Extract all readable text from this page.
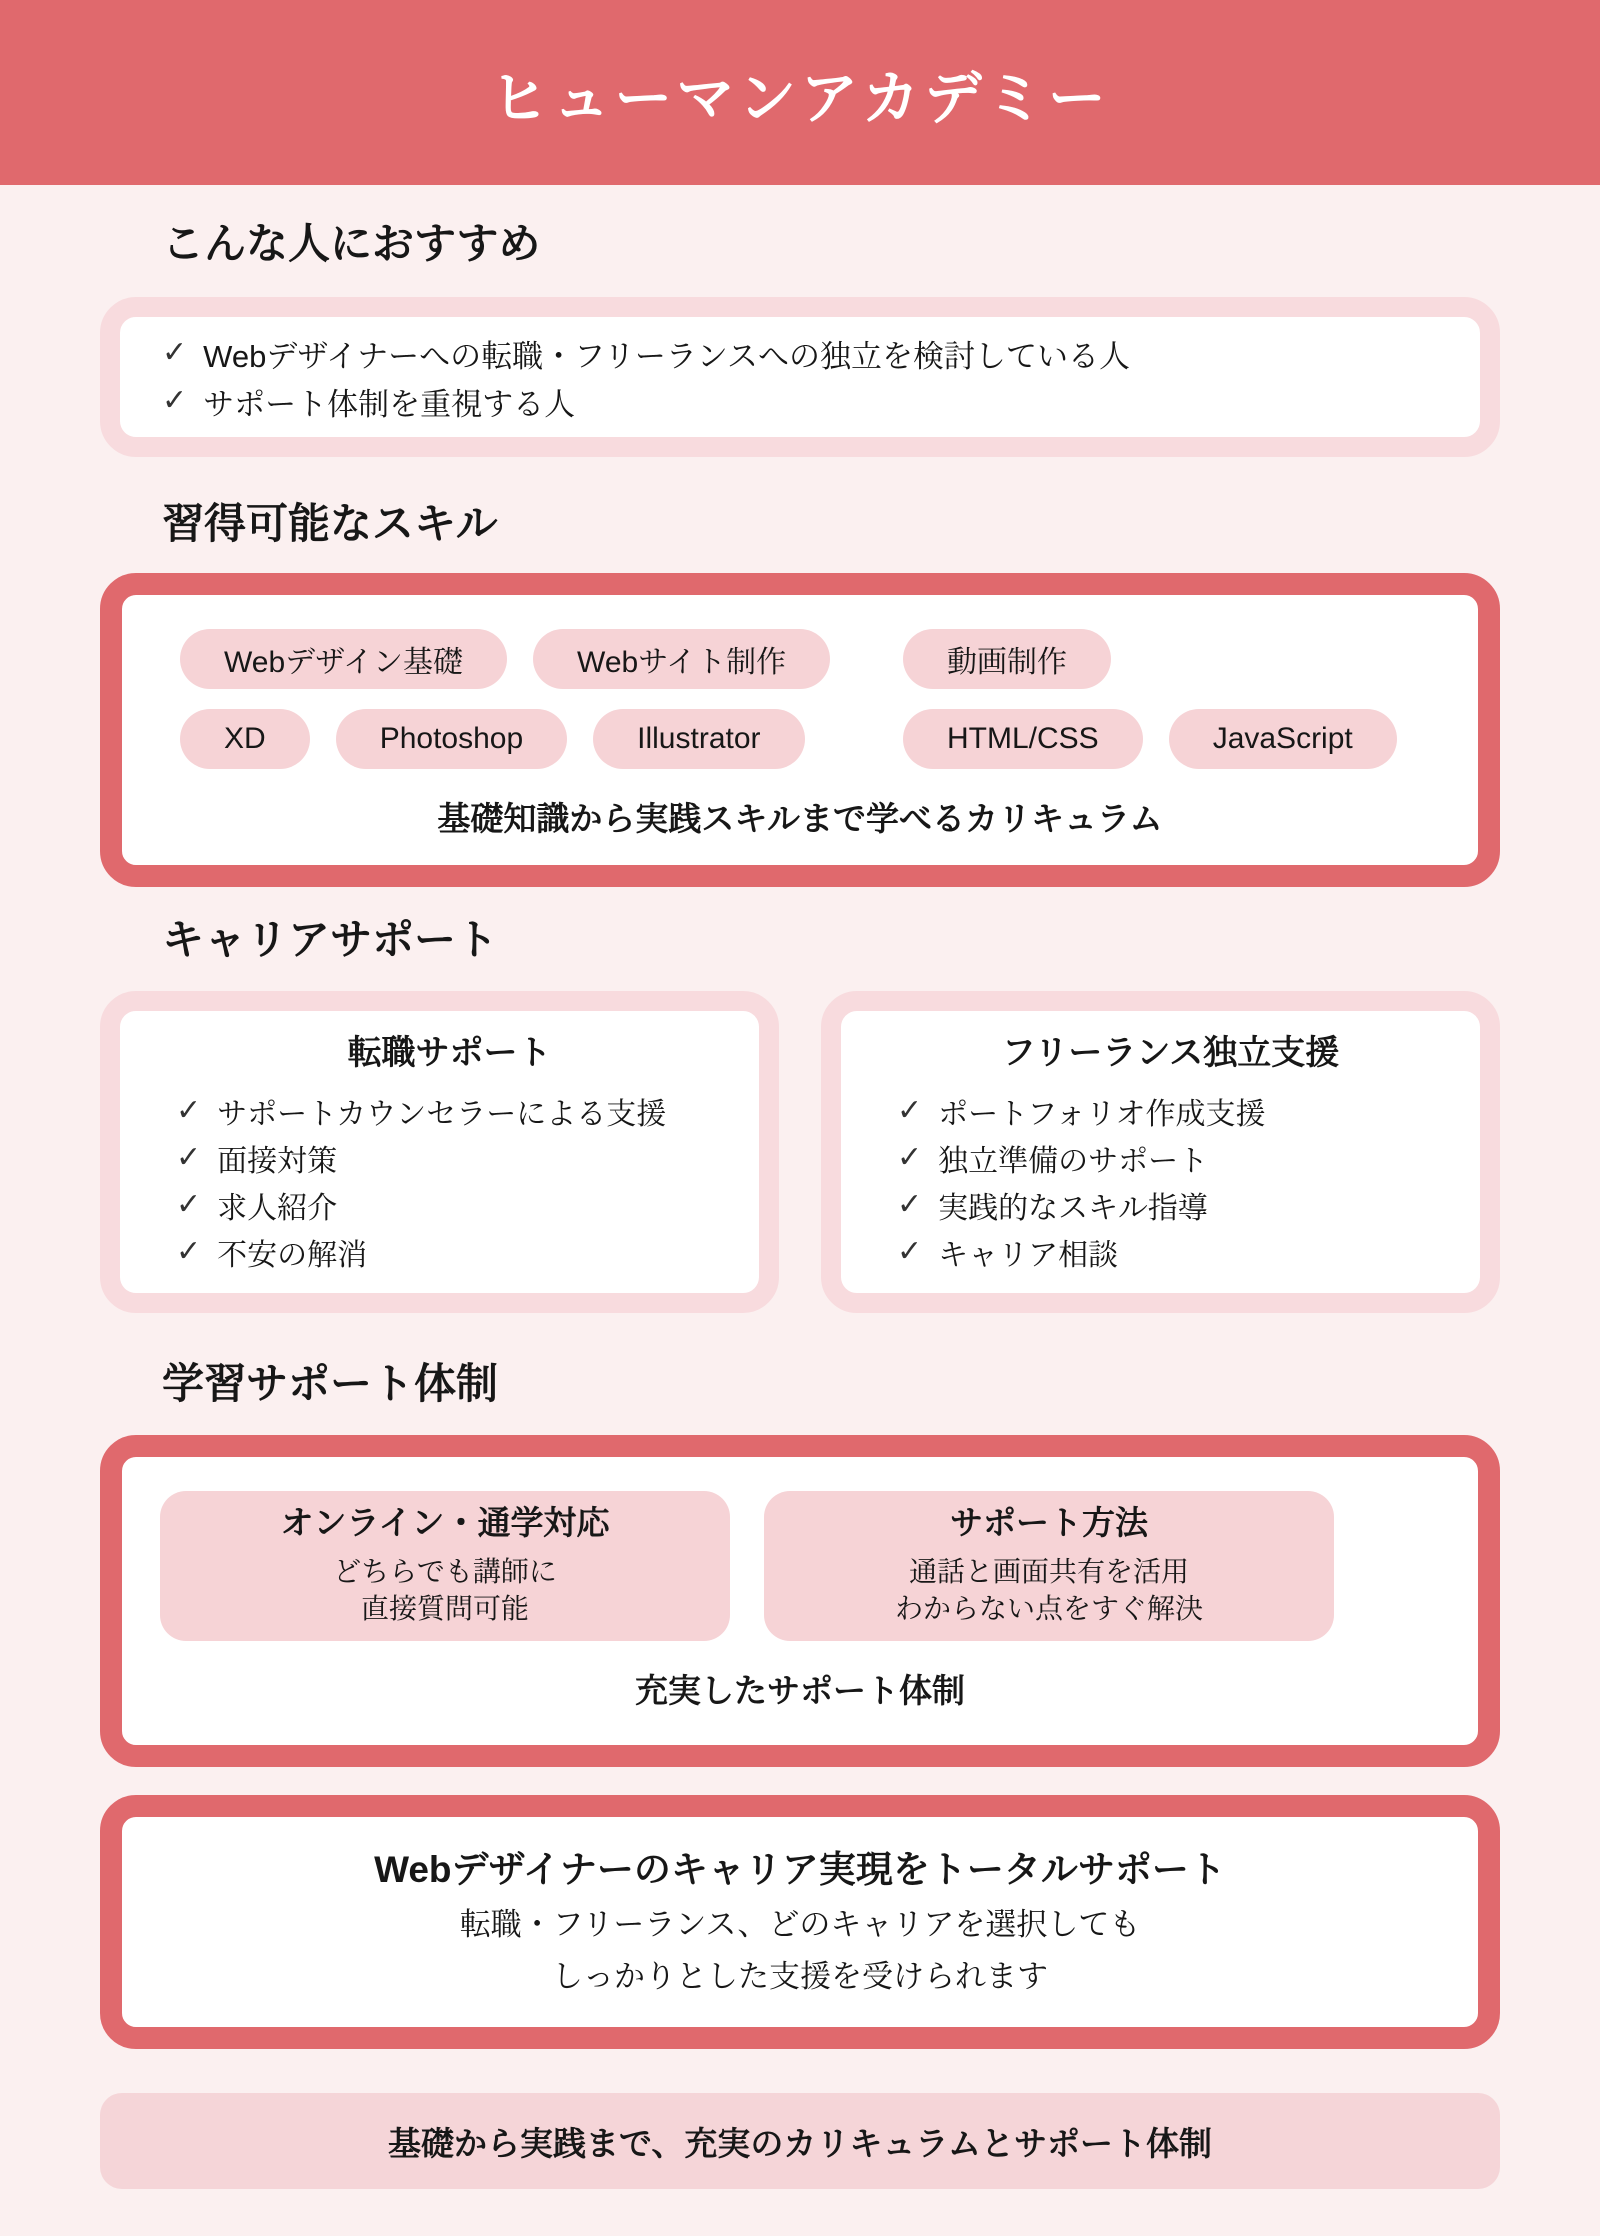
ヒューマンアカデミー
こんな人におすすめ
✓ Webデザイナーへの転職・フリーランスへの独立を検討している人
✓ サポート体制を重視する人
習得可能なスキル
Webデザイン基礎	Webサイト制作	動画制作
XD	Photoshop	Illustrator	HTML/CSS	JavaScript
基礎知識から実践スキルまで学べるカリキュラム
キャリアサポート
転職サポート
✓ サポートカウンセラーによる支援
✓ 面接対策
✓ 求人紹介
✓ 不安の解消
フリーランス独立支援
✓ ポートフォリオ作成支援
✓ 独立準備のサポート
✓ 実践的なスキル指導
✓ キャリア相談
学習サポート体制
オンライン・通学対応
どちらでも講師に
直接質問可能
サポート方法
通話と画面共有を活用
わからない点をすぐ解決
充実したサポート体制
Webデザイナーのキャリア実現をトータルサポート
転職・フリーランス、どのキャリアを選択しても
しっかりとした支援を受けられます
基礎から実践まで、充実のカリキュラムとサポート体制
